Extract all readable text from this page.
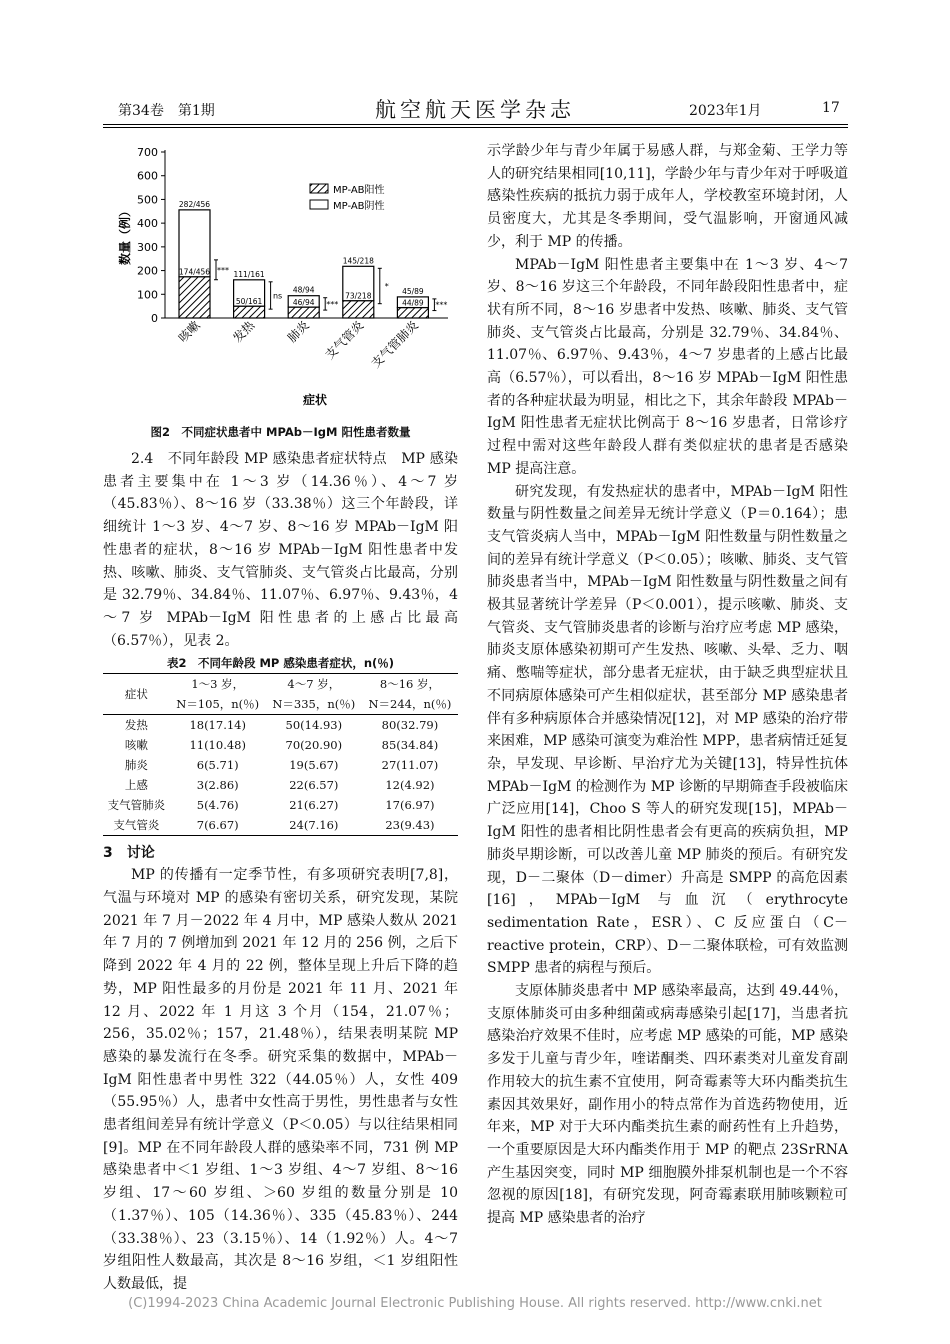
第34卷　第1期	航空航天医学杂志	2023年1月	17
0
100
200
300
400
500
600
700
数量（例）
282/456
174/456 ***
咳嗽
111/161
50/161
ns
发热
48/94
46/94 ***
肺炎
145/218
73/218
*
支气管炎
45/89
44/89 ***
支气管肺炎
症状
MP-AB阳性
MP-AB阴性
图2　不同症状患者中 MPAb－IgM 阳性患者数量

2.4　不同年龄段 MP 感染患者症状特点　MP 感染患者主要集中在 1～3 岁（14.36％）、4～7 岁（45.83％）、8～16 岁（33.38％）这三个年龄段，详细统计 1～3 岁、4～7 岁、8～16 岁 MPAb－IgM 阳性患者的症状，8～16 岁 MPAb－IgM 阳性患者中发热、咳嗽、肺炎、支气管肺炎、支气管炎占比最高，分别是 32.79％、34.84％、11.07％、6.97％、9.43％，4～7 岁 MPAb－IgM 阳性患者的上感占比最高（6.57％），见表 2。

表2　不同年龄段 MP 感染患者症状，n(％)
症状	1～3 岁，	4～7 岁，	8～16 岁，
	N＝105，n(％)	N＝335，n(％)	N＝244，n(％)
发热	18(17.14)	50(14.93)	80(32.79)
咳嗽	11(10.48)	70(20.90)	85(34.84)
肺炎	6(5.71)	19(5.67)	27(11.07)
上感	3(2.86)	22(6.57)	12(4.92)
支气管肺炎	5(4.76)	21(6.27)	17(6.97)
支气管炎	7(6.67)	24(7.16)	23(9.43)
3　讨论

MP 的传播有一定季节性，有多项研究表明[7,8]，气温与环境对 MP 的感染有密切关系，研究发现，某院 2021 年 7 月－2022 年 4 月中，MP 感染人数从 2021 年 7 月的 7 例增加到 2021 年 12 月的 256 例，之后下降到 2022 年 4 月的 22 例，整体呈现上升后下降的趋势，MP 阳性最多的月份是 2021 年 11 月、2021 年 12 月、2022 年 1 月这 3 个月（154，21.07％；256，35.02％；157，21.48％），结果表明某院 MP 感染的暴发流行在冬季。研究采集的数据中，MPAb－IgM 阳性患者中男性 322（44.05％）人，女性 409（55.95％）人，患者中女性高于男性，男性患者与女性患者组间差异有统计学意义（P＜0.05）与以往结果相同[9]。MP 在不同年龄段人群的感染率不同，731 例 MP 感染患者中＜1 岁组、1～3 岁组、4～7 岁组、8～16 岁组、17～60 岁组、＞60 岁组的数量分别是 10（1.37％）、105（14.36％）、335（45.83％）、244（33.38％）、23（3.15％）、14（1.92％）人。4～7 岁组阳性人数最高，其次是 8～16 岁组，＜1 岁组阳性人数最低，提

示学龄少年与青少年属于易感人群，与郑金菊、王学力等人的研究结果相同[10,11]，学龄少年与青少年对于呼吸道感染性疾病的抵抗力弱于成年人，学校教室环境封闭，人员密度大，尤其是冬季期间，受气温影响，开窗通风减少，利于 MP 的传播。

MPAb－IgM 阳性患者主要集中在 1～3 岁、4～7 岁、8～16 岁这三个年龄段，不同年龄段阳性患者中，症状有所不同，8～16 岁患者中发热、咳嗽、肺炎、支气管肺炎、支气管炎占比最高，分别是 32.79％、34.84％、11.07％、6.97％、9.43％，4～7 岁患者的上感占比最高（6.57％），可以看出，8～16 岁 MPAb－IgM 阳性患者的各种症状最为明显，相比之下，其余年龄段 MPAb－IgM 阳性患者无症状比例高于 8～16 岁患者，日常诊疗过程中需对这些年龄段人群有类似症状的患者是否感染 MP 提高注意。

研究发现，有发热症状的患者中，MPAb－IgM 阳性数量与阴性数量之间差异无统计学意义（P＝0.164）；患支气管炎病人当中，MPAb－IgM 阳性数量与阴性数量之间的差异有统计学意义（P＜0.05）；咳嗽、肺炎、支气管肺炎患者当中，MPAb－IgM 阳性数量与阴性数量之间有极其显著统计学差异（P＜0.001），提示咳嗽、肺炎、支气管炎、支气管肺炎患者的诊断与治疗应考虑 MP 感染，肺炎支原体感染初期可产生发热、咳嗽、头晕、乏力、咽痛、憋喘等症状，部分患者无症状，由于缺乏典型症状且不同病原体感染可产生相似症状，甚至部分 MP 感染患者伴有多种病原体合并感染情况[12]，对 MP 感染的治疗带来困难，MP 感染可演变为难治性 MPP，患者病情迁延复杂，早发现、早诊断、早治疗尤为关键[13]，特异性抗体 MPAb－IgM 的检测作为 MP 诊断的早期筛查手段被临床广泛应用[14]，Choo S 等人的研究发现[15]，MPAb－IgM 阳性的患者相比阴性患者会有更高的疾病负担，MP 肺炎早期诊断，可以改善儿童 MP 肺炎的预后。有研究发现，D－二聚体（D－dimer）升高是 SMPP 的高危因素[16]，MPAb－IgM 与血沉（erythrocyte sedimentation Rate，ESR）、C 反应蛋白（C－reactive protein，CRP）、D－二聚体联检，可有效监测 SMPP 患者的病程与预后。

支原体肺炎患者中 MP 感染率最高，达到 49.44％，支原体肺炎可由多种细菌或病毒感染引起[17]，当患者抗感染治疗效果不佳时，应考虑 MP 感染的可能，MP 感染多发于儿童与青少年，喹诺酮类、四环素类对儿童发育副作用较大的抗生素不宜使用，阿奇霉素等大环内酯类抗生素因其效果好，副作用小的特点常作为首选药物使用，近年来，MP 对于大环内酯类抗生素的耐药性有上升趋势，一个重要原因是大环内酯类作用于 MP 的靶点 23SrRNA 产生基因突变，同时 MP 细胞膜外排泵机制也是一个不容忽视的原因[18]，有研究发现，阿奇霉素联用肺咳颗粒可提高 MP 感染患者的治疗

(C)1994-2023 China Academic Journal Electronic Publishing House. All rights reserved. http://www.cnki.net
